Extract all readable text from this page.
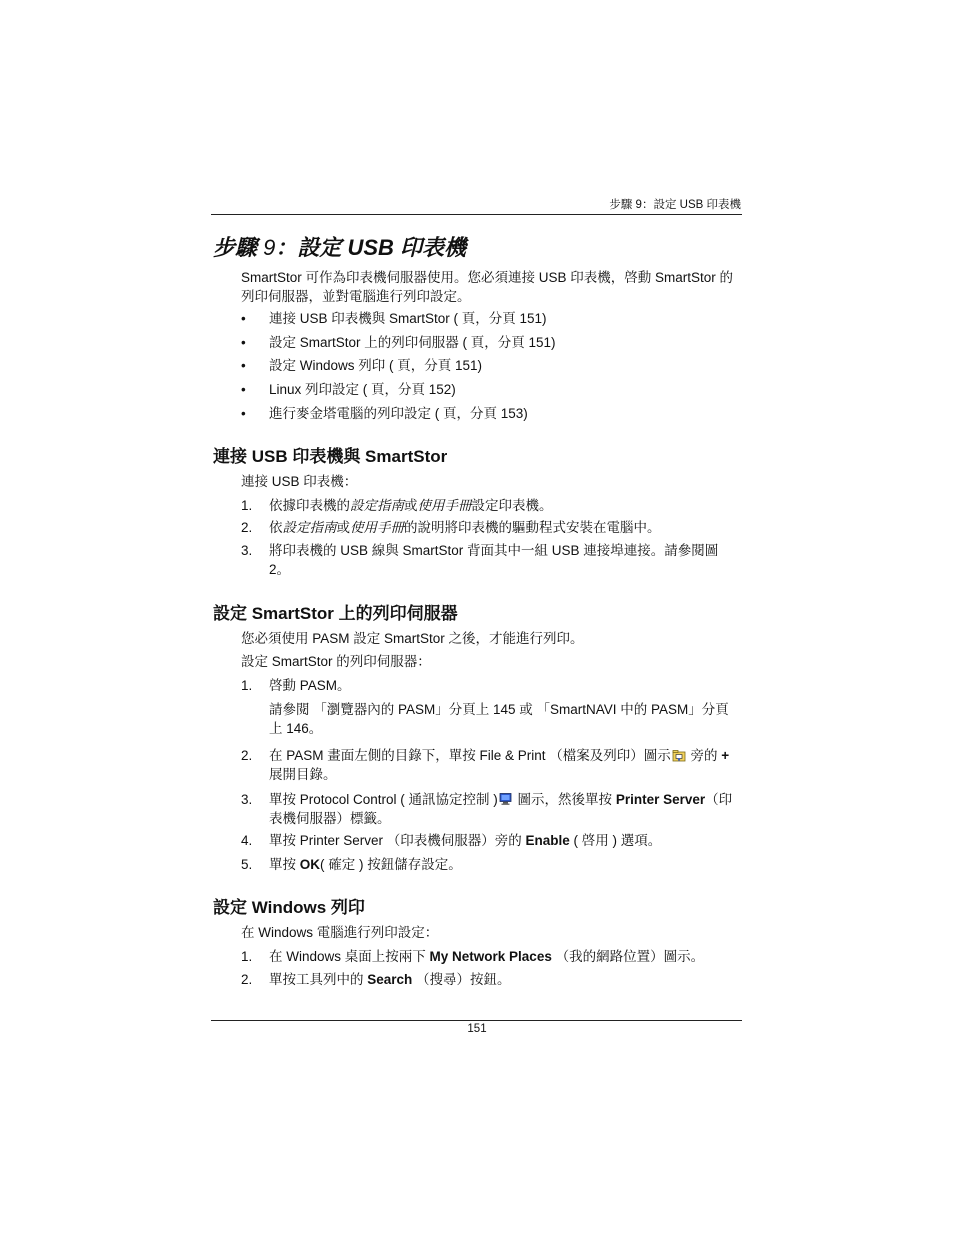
步驟 9：設定 USB 印表機
步驟 9：設定 USB 印表機
SmartStor 可作為印表機伺服器使用。您必須連接 USB 印表機，啓動 SmartStor 的列印伺服器，並對電腦進行列印設定。
• 連接 USB 印表機與 SmartStor ( 頁，分頁 151)
• 設定 SmartStor 上的列印伺服器 ( 頁，分頁 151)
• 設定 Windows 列印 ( 頁，分頁 151)
• Linux 列印設定 ( 頁，分頁 152)
• 進行麥金塔電腦的列印設定 ( 頁，分頁 153)
連接 USB 印表機與 SmartStor
連接 USB 印表機：
1. 依據印表機的設定指南或使用手冊設定印表機。
2. 依設定指南或使用手冊的說明將印表機的驅動程式安裝在電腦中。
3. 將印表機的 USB 線與 SmartStor 背面其中一組 USB 連接埠連接。請參閱圖 2。
設定 SmartStor 上的列印伺服器
您必須使用 PASM 設定 SmartStor 之後，才能進行列印。
設定 SmartStor 的列印伺服器：
1. 啓動 PASM。
請參閱 「瀏覽器內的 PASM」分頁上 145 或 「SmartNAVI 中的 PASM」分頁上 146。
2. 在 PASM 畫面左側的目錄下，單按 File & Print （檔案及列印）圖示
旁的 + 展開目錄。
3. 單按 Protocol Control ( 通訊協定控制 )
圖示，然後單按 Printer Server（印表機伺服器）標籤。
4. 單按 Printer Server （印表機伺服器）旁的 Enable ( 啓用 ) 選項。
5. 單按 OK( 確定 ) 按鈕儲存設定。
設定 Windows 列印
在 Windows 電腦進行列印設定：
1. 在 Windows 桌面上按兩下 My Network Places （我的網路位置）圖示。
2. 單按工具列中的 Search （搜尋）按鈕。
151
